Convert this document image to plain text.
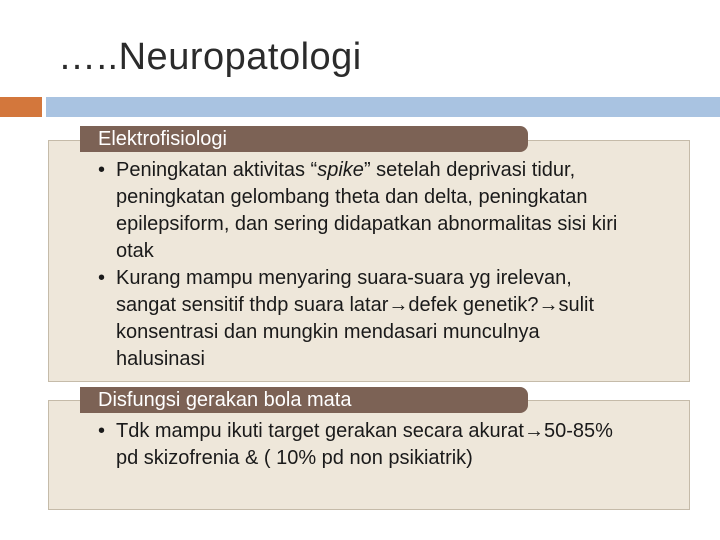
…..Neuropatologi
Elektrofisiologi
• Peningkatan aktivitas “spike” setelah deprivasi tidur, peningkatan gelombang theta dan delta, peningkatan epilepsiform, dan sering didapatkan abnormalitas sisi kiri otak
• Kurang mampu menyaring suara-suara yg irelevan, sangat sensitif thdp suara latar→defek genetik?→sulit konsentrasi dan mungkin mendasari munculnya halusinasi
Disfungsi gerakan bola mata
• Tdk mampu ikuti target gerakan secara akurat→50-85% pd skizofrenia & ( 10% pd non psikiatrik)
